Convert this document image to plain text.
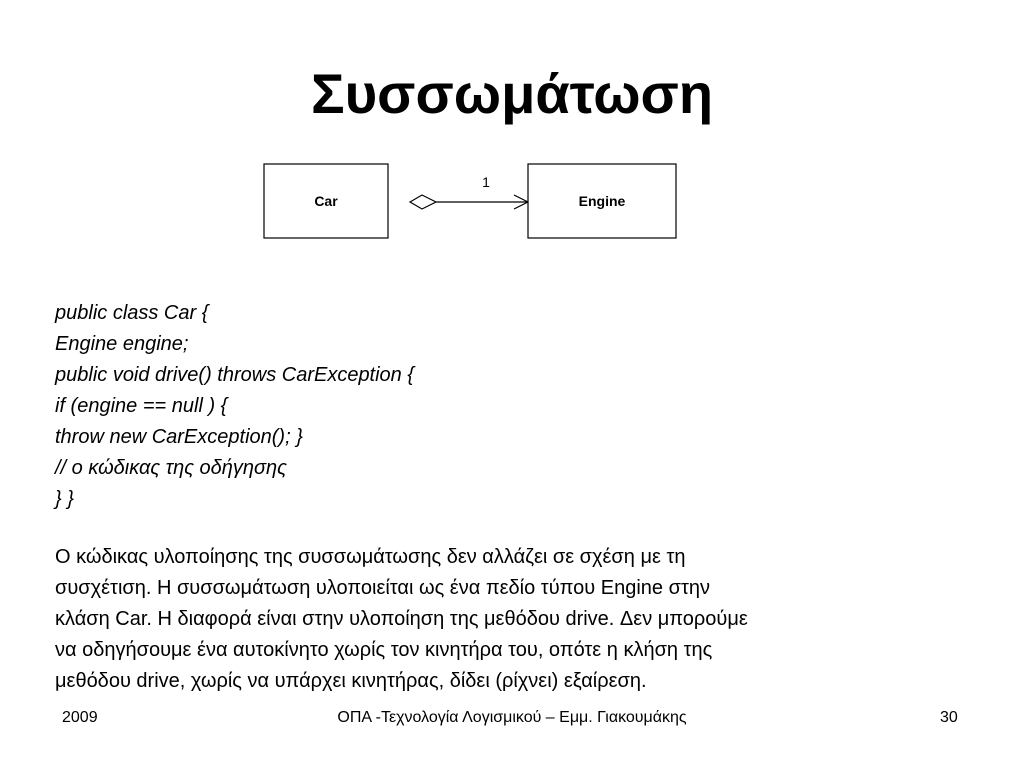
Συσσωμάτωση
Car
1
Engine
public class Car {
Engine engine;
public void drive() throws CarException {
if (engine == null ) {
throw new CarException(); }
// ο κώδικας της οδήγησης
} }
Ο κώδικας υλοποίησης της συσσωμάτωσης δεν αλλάζει σε σχέση με τη
συσχέτιση. Η συσσωμάτωση υλοποιείται ως ένα πεδίο τύπου Engine στην
κλάση Car. Η διαφορά είναι στην υλοποίηση της μεθόδου drive. Δεν μπορούμε
να οδηγήσουμε ένα αυτοκίνητο χωρίς τον κινητήρα του, οπότε η κλήση της
μεθόδου drive, χωρίς να υπάρχει κινητήρας, δίδει (ρίχνει) εξαίρεση.
2009	ΟΠΑ -Τεχνολογία Λογισμικού – Εμμ. Γιακουμάκης	30
